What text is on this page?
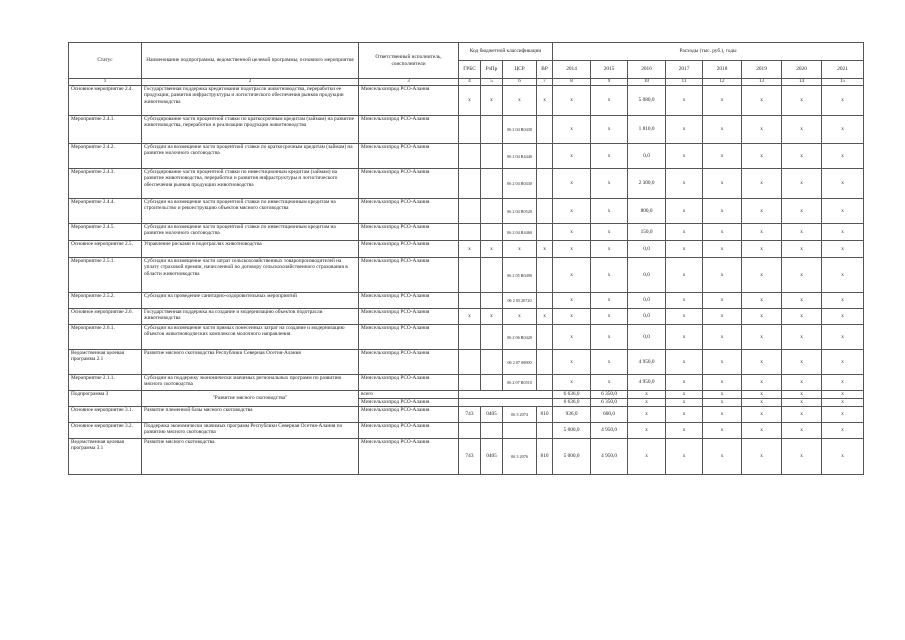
Статус	Наименование подпрограммы, ведомственной целевой программы, основного мероприятия	Ответственный исполнитель, соисполнители	Код бюджетной классификации				Расходы (тыс. руб.), годы							
			ГРБС	РзПр	ЦСР	ВР	2014	2015	2016	2017	2018	2019	2020	2021
1	2	3	4	5	6	7	8	9	10	11	12	13	14	15
Основное мероприятие 2.4.	Государственная поддержка кредитования подотрасли животноводства, переработки ее продукции, развития инфраструктуры и логистического обеспечения рынков продукции животноводства	Минсельхозпрод РСО-Алания	x	x	x	x	x	x	5 080,0	x	x	x	x	x
Мероприятие 2.4.1.	Субсидирование части процентной ставки по краткосрочным кредитам (займам) на развитие животноводства, переработки и реализации продукции животноводства	Минсельхозпрод РСО-Алания			06 2 04 R0430		x	x	1 810,0	x	x	x	x	x
Мероприятие 2.4.2.	Субсидии на возмещение части процентной ставки по краткосрочным кредитам (займам) на развитие молочного скотоводства	Минсельхозпрод РСО-Алания			06 2 04 R4440		x	x	0,0	x	x	x	x	x
Мероприятие 2.4.3.	Субсидирование части процентной ставки по инвестиционным кредитам (займам) на развитие животноводства, переработки и развития инфраструктуры и логистического обеспечения рынков продукции животноводства	Минсельхозпрод РСО-Алания			06 2 04 R0430		x	x	2 300,0	x	x	x	x	x
Мероприятие 2.4.4.	Субсидии на возмещение части процентной ставки по инвестиционным кредитам на строительство и реконструкцию объектов мясного скотоводства	Минсельхозпрод РСО-Алания			06 2 04 R0520		x	x	800,0	x	x	x	x	x
Мероприятие 2.4.5.	Субсидии на возмещение части процентной ставки по инвестиционным кредитам на развитие молочного скотоводства	Минсельхозпрод РСО-Алания			06 2 04 R4460		x	x	150,0	x	x	x	x	x
Основное мероприятие 2.5.	Управление рисками в подотраслях животноводства	Минсельхозпрод РСО-Алания	x	x	x	x	x	x	0,0	x	x	x	x	x
Мероприятие 2.5.1.	Субсидии на возмещение части затрат сельскохозяйственных товаропроизводителей на уплату страховой премии, начисленной по договору сельскохозяйственного страхования в области животноводства	Минсельхозпрод РСО-Алания			06 2 05 R0490		x	x	0,0	x	x	x	x	x
Мероприятие 2.5.2.	Субсидии на проведение санитарно-оздоровительных мероприятий	Минсельхозпрод РСО-Алания			06 2 05 20720		x	x	0,0	x	x	x	x	x
Основное мероприятие 2.6.	Государственная поддержка на создание и модернизацию объектов подотрасли животноводства	Минсельхозпрод РСО-Алания	x	x	x	x	x	x	0,0	x	x	x	x	x
Мероприятие 2.6.1.	Субсидии на возмещение части прямых понесенных затрат на создание и модернизацию объектов животноводческих комплексов молочного направления	Минсельхозпрод РСО-Алания			06 2 06 R0420		x	x	0,0	x	x	x	x	x
Ведомственная целевая программа 2.1	Развитие мясного скотоводства Республики Северная Осетия-Алания	Минсельхозпрод РСО-Алания			06 2 07 00000		x	x	4 950,0	x	x	x	x	x
Мероприятие 2.1.1.	Субсидии на поддержку экономически значимых региональных программ по развитию мясного скотоводства	Минсельхозпрод РСО-Алания			06 2 07 R0510		x	x	4 950,0	x	x	x	x	x
Подпрограмма 3	"Развитие мясного скотоводства"	всего					6 636,0	6 350,0	x	x	x	x	x	x
		Минсельхозпрод РСО-Алания					6 636,0	6 350,0	x	x	x	x	x	x
Основное мероприятие 3.1.	Развитие племенной базы мясного скотоводства	Минсельхозпрод РСО-Алания	743	0405	06 3 2074	810	936,0	600,0	x	x	x	x	x	x
Основное мероприятие 3.2.	Поддержка экономически значимых программ Республики Северная Осетия-Алания по развитию мясного скотоводства	Минсельхозпрод РСО-Алания					5 000,0	4 950,0	x	x	x	x	x	x
Ведомственная целевая программа 3.1	Развитие мясного скотоводства	Минсельхозпрод РСО-Алания	743	0405	06 3 2076	810	5 000,0	4 950,0	x	x	x	x	x	x
